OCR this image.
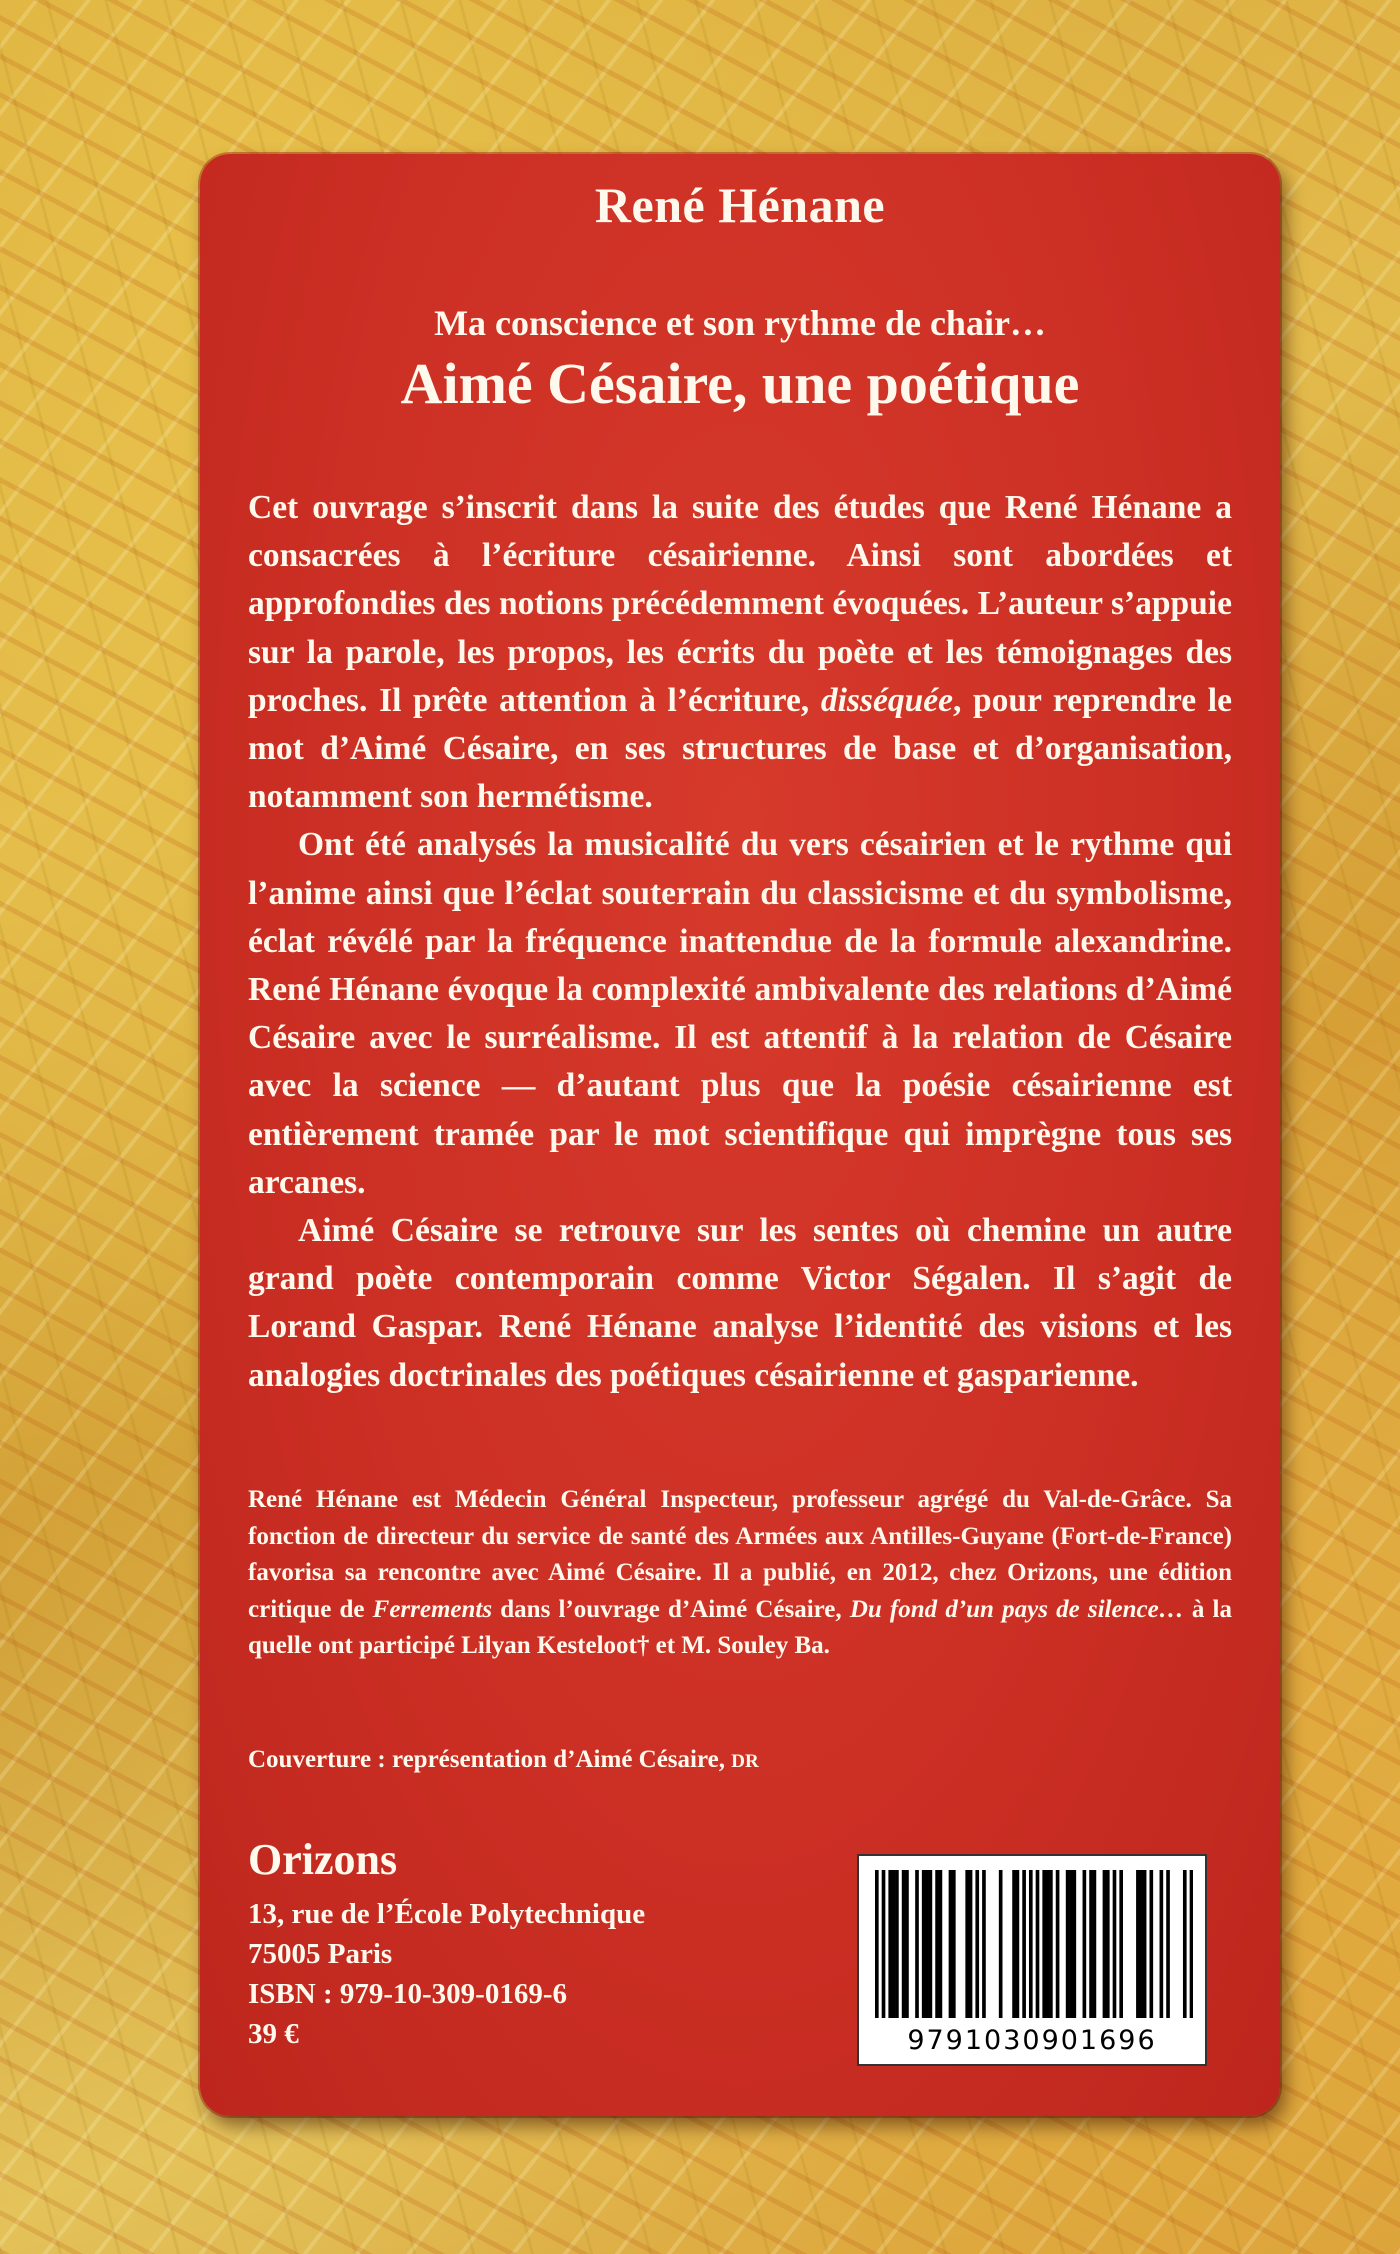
René Hénane
Ma conscience et son rythme de chair…
Aimé Césaire, une poétique

Cet ouvrage s’inscrit dans la suite des études que René Hénane a consacrées à l’écriture césairienne. Ainsi sont abordées et approfondies des notions précédemment évoquées. L’auteur s’appuie sur la parole, les propos, les écrits du poète et les témoignages des proches. Il prête attention à l’écriture, disséquée, pour reprendre le mot d’Aimé Césaire, en ses structures de base et d’organisation, notamment son hermétisme.

Ont été analysés la musicalité du vers césairien et le rythme qui l’anime ainsi que l’éclat souterrain du classicisme et du symbolisme, éclat révélé par la fréquence inattendue de la formule alexandrine. René Hénane évoque la complexité ambivalente des relations d’Aimé Césaire avec le surréalisme. Il est attentif à la relation de Césaire avec la science — d’autant plus que la poésie césairienne est entièrement tramée par le mot scientifique qui imprègne tous ses arcanes.

Aimé Césaire se retrouve sur les sentes où chemine un autre grand poète contemporain comme Victor Ségalen. Il s’agit de Lorand Gaspar. René Hénane analyse l’identité des visions et les analogies doctrinales des poétiques césairienne et gasparienne.

René Hénane est Médecin Général Inspecteur, professeur agrégé du Val-de-Grâce. Sa fonction de directeur du service de santé des Armées aux Antilles-Guyane (Fort-de-France) favorisa sa rencontre avec Aimé Césaire. Il a publié, en 2012, chez Orizons, une édition critique de Ferrements dans l’ouvrage d’Aimé Césaire, Du fond d’un pays de silence… à la quelle ont participé Lilyan Kesteloot† et M. Souley Ba.
Couverture : représentation d’Aimé Césaire, DR
Orizons
13, rue de l’École Polytechnique
75005 Paris
ISBN : 979-10-309-0169-6
39 €	9791030901696
